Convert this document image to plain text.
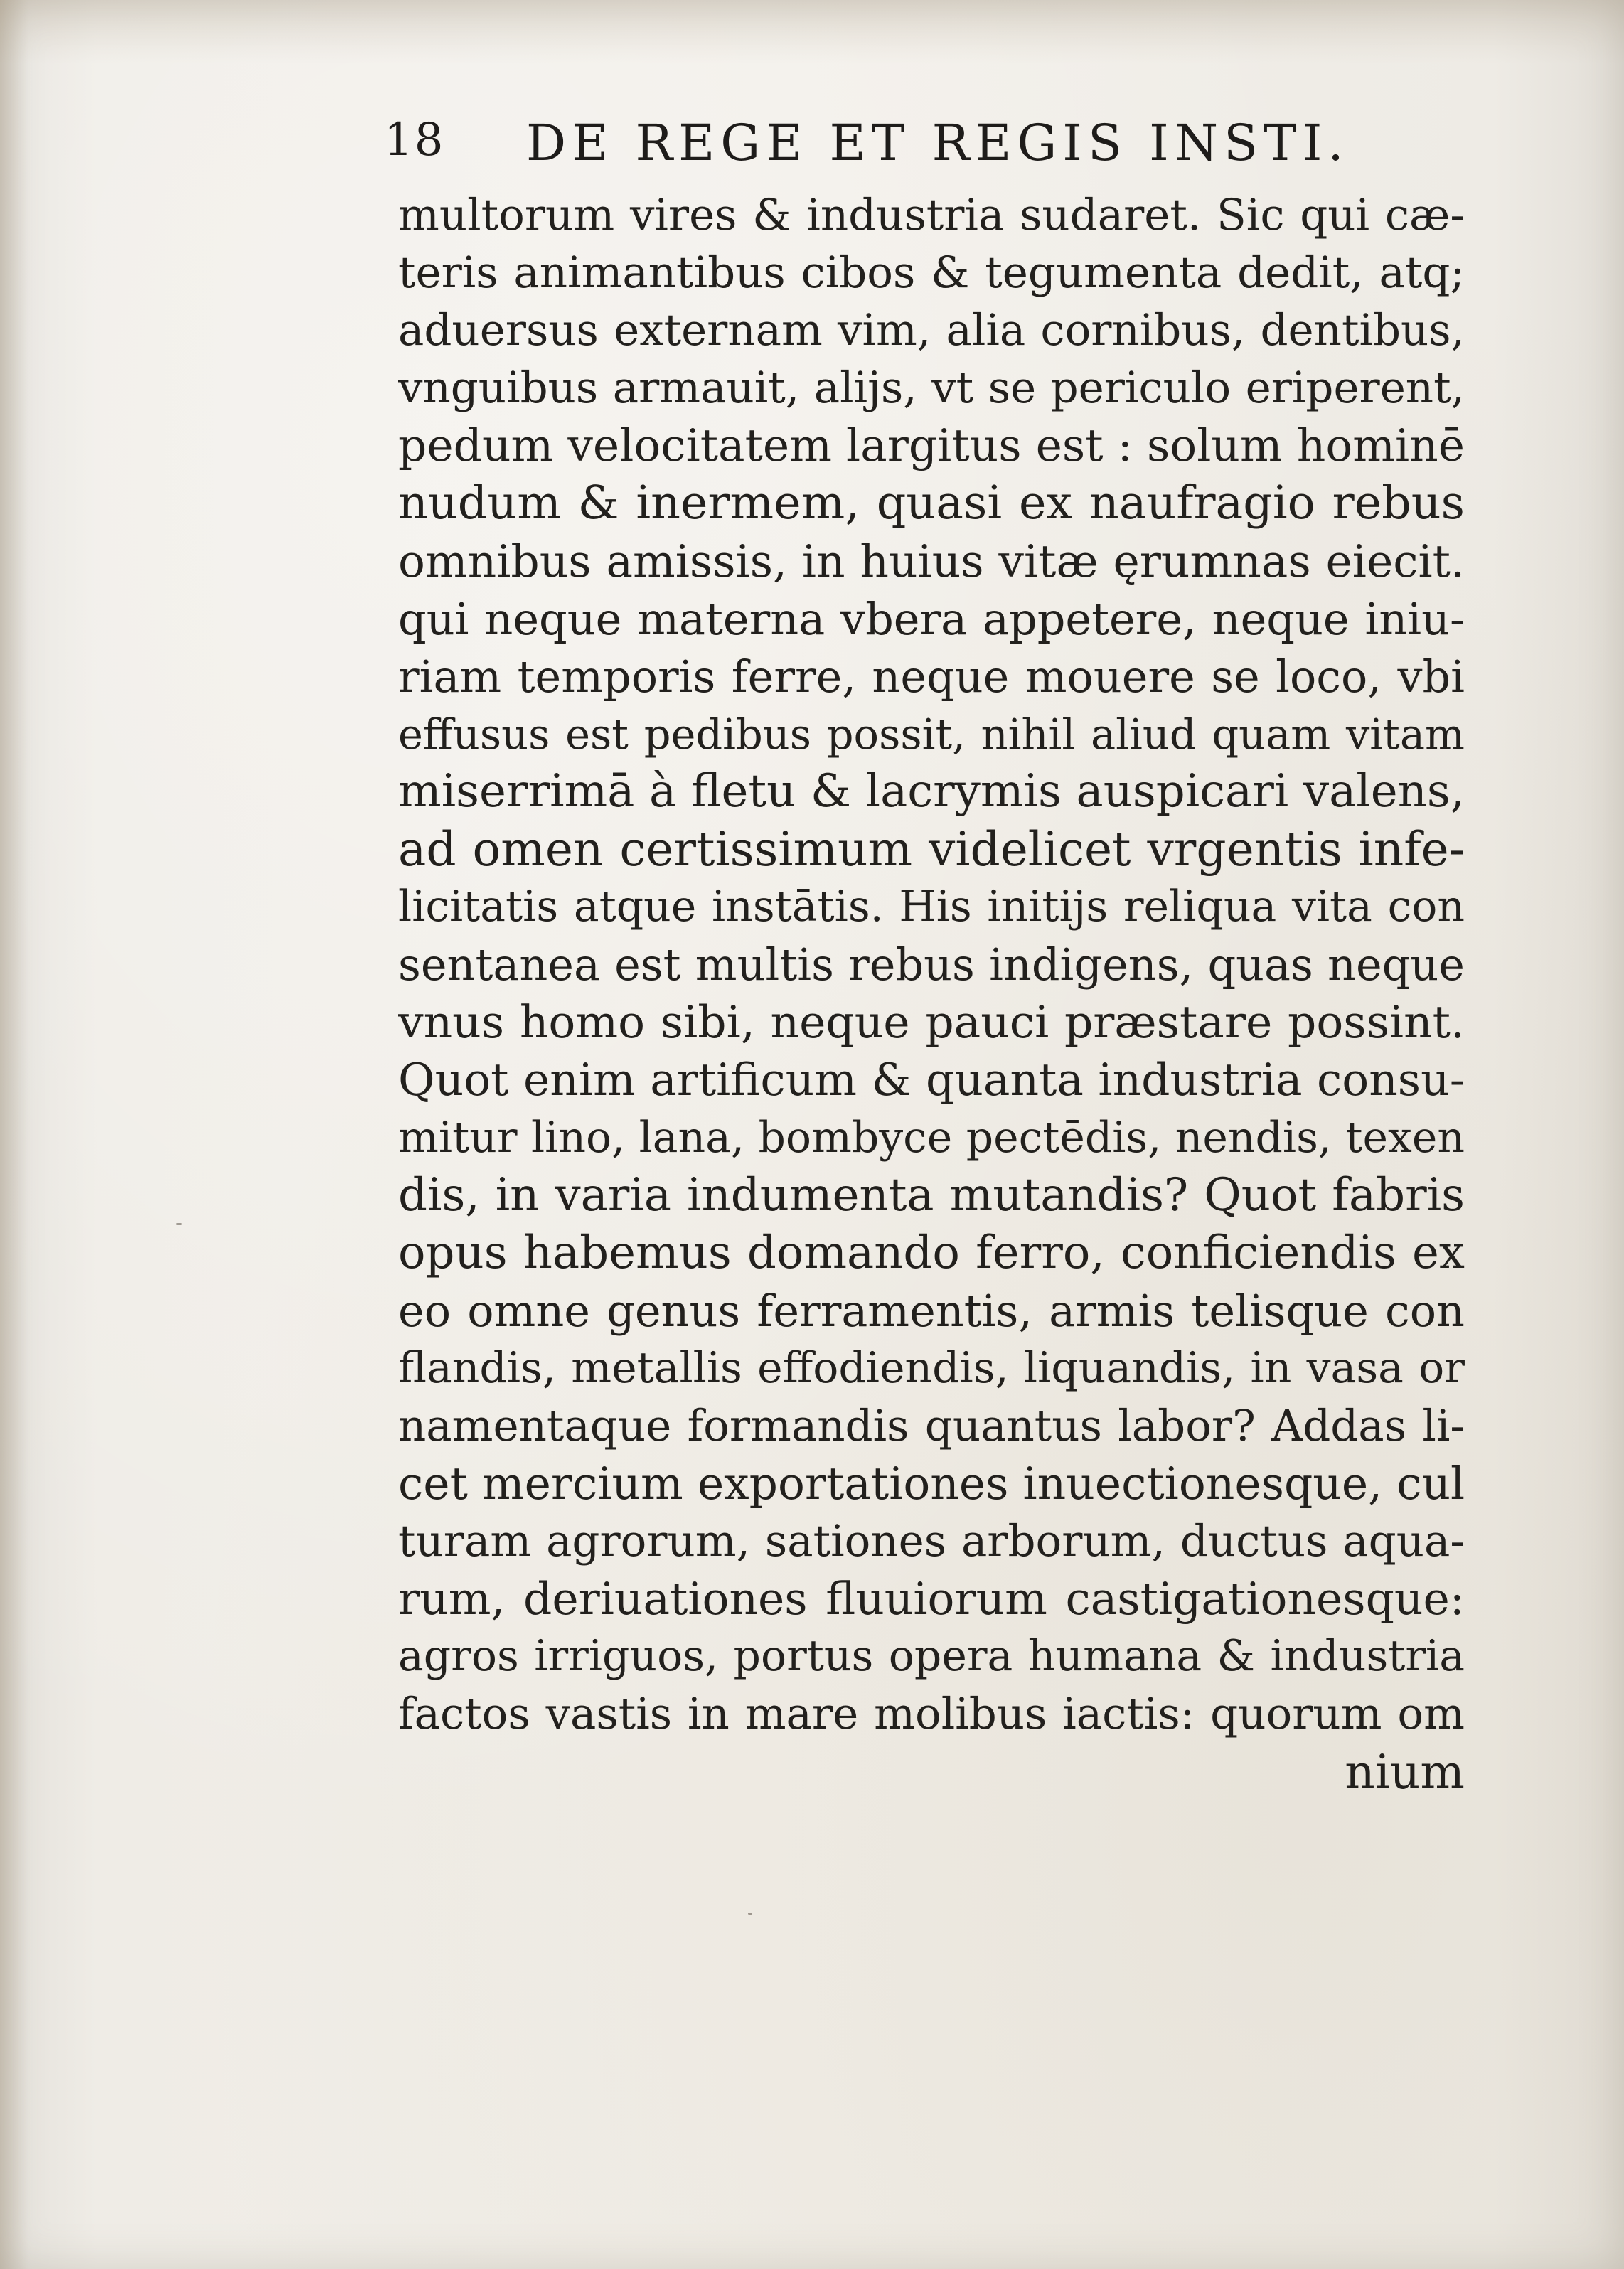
18 DE REGE ET REGIS INSTI.
multorum vires & industria sudaret. Sic qui cæ-
teris animantibus cibos & tegumenta dedit, atq;
aduersus externam vim, alia cornibus, dentibus,
vnguibus armauit, alijs, vt se periculo eriperent,
pedum velocitatem largitus est : solum hominē
nudum & inermem, quasi ex naufragio rebus
omnibus amissis, in huius vitæ ęrumnas eiecit.
qui neque materna vbera appetere, neque iniu-
riam temporis ferre, neque mouere se loco, vbi
effusus est pedibus possit, nihil aliud quam vitam
miserrimā à fletu & lacrymis auspicari valens,
ad omen certissimum videlicet vrgentis infe-
licitatis atque instātis. His initijs reliqua vita con
sentanea est multis rebus indigens, quas neque
vnus homo sibi, neque pauci præstare possint.
Quot enim artificum & quanta industria consu-
mitur lino, lana, bombyce pectēdis, nendis, texen
dis, in varia indumenta mutandis? Quot fabris
opus habemus domando ferro, conficiendis ex
eo omne genus ferramentis, armis telisque con
flandis, metallis effodiendis, liquandis, in vasa or
namentaque formandis quantus labor? Addas li-
cet mercium exportationes inuectionesque, cul
turam agrorum, sationes arborum, ductus aqua-
rum, deriuationes fluuiorum castigationesque:
agros irriguos, portus opera humana & industria
factos vastis in mare molibus iactis: quorum om
nium
